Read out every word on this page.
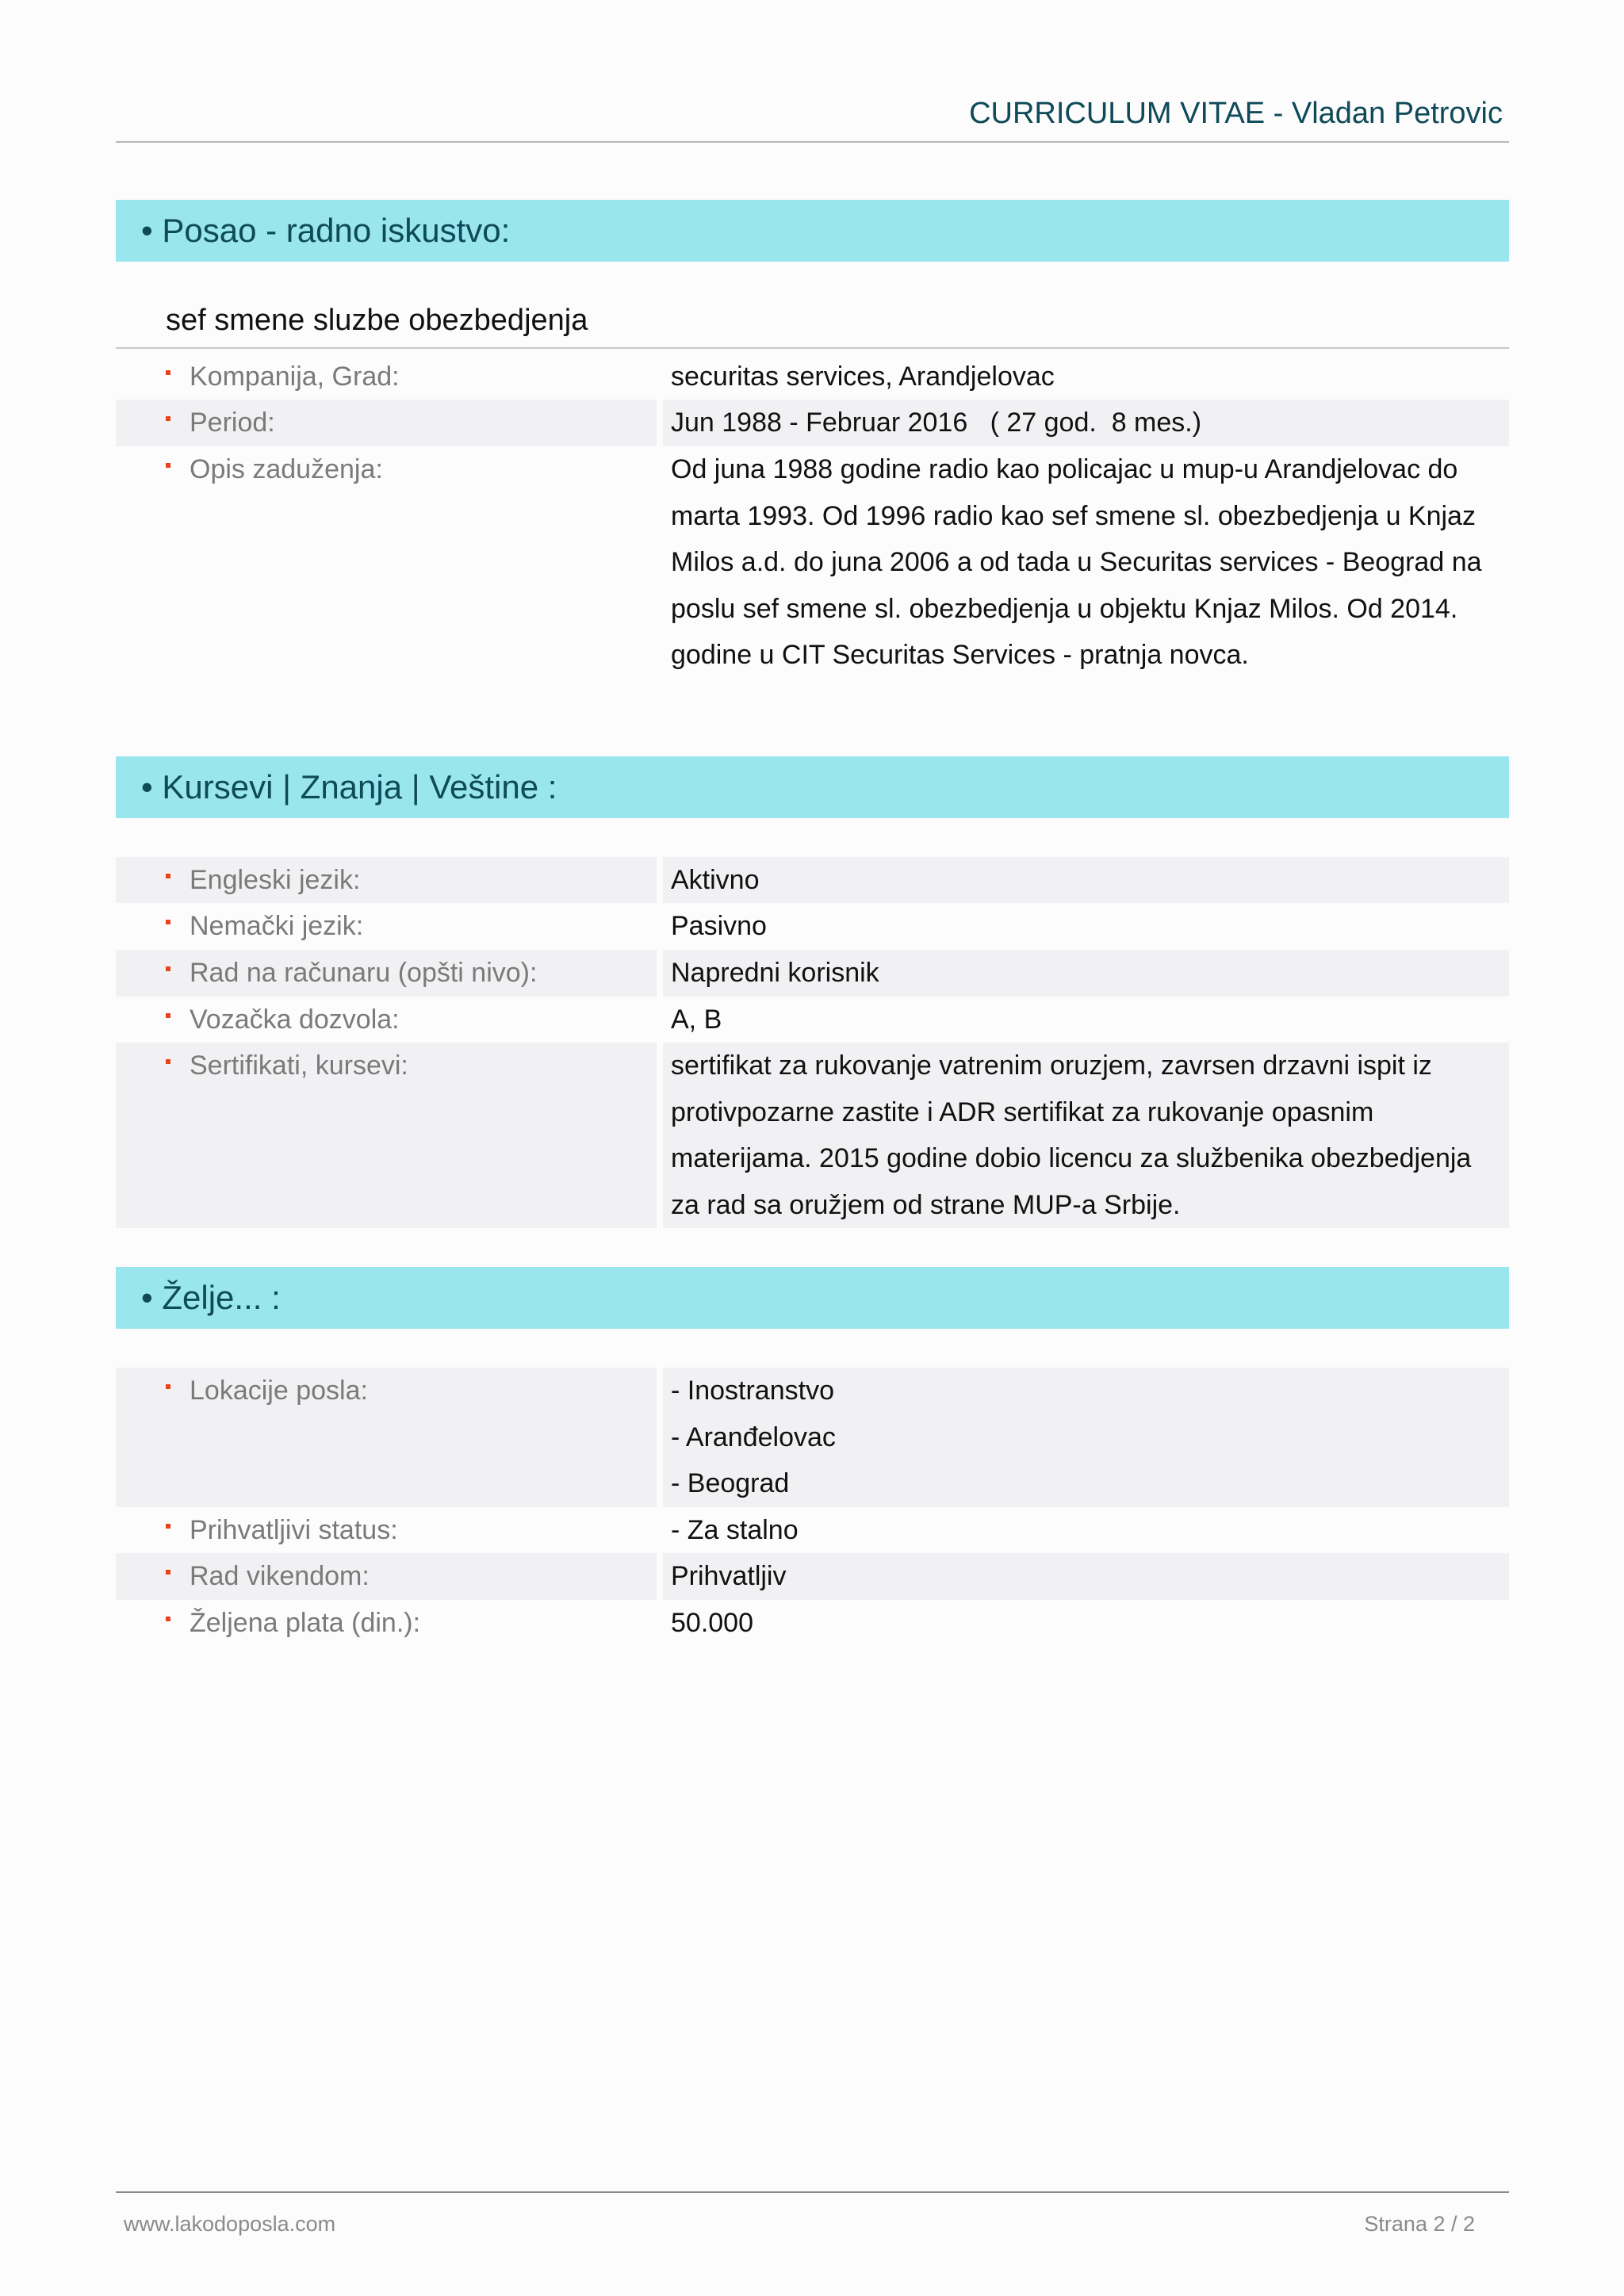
CURRICULUM VITAE - Vladan Petrovic
• Posao - radno iskustvo:
sef smene sluzbe obezbedjenja
Kompanija, Grad:	securitas services, Arandjelovac
Period:	Jun 1988 - Februar 2016   ( 27 god.  8 mes.)
Opis zaduženja:	Od juna 1988 godine radio kao policajac u mup-u Arandjelovac do
marta 1993. Od 1996 radio kao sef smene sl. obezbedjenja u Knjaz
Milos a.d. do juna 2006 a od tada u Securitas services - Beograd na
poslu sef smene sl. obezbedjenja u objektu Knjaz Milos. Od 2014.
godine u CIT Securitas Services - pratnja novca.
• Kursevi | Znanja | Veštine :
Engleski jezik:	Aktivno
Nemački jezik:	Pasivno
Rad na računaru (opšti nivo):	Napredni korisnik
Vozačka dozvola:	A, B
Sertifikati, kursevi:	sertifikat za rukovanje vatrenim oruzjem, zavrsen drzavni ispit iz
protivpozarne zastite i ADR sertifikat za rukovanje opasnim
materijama. 2015 godine dobio licencu za službenika obezbedjenja
za rad sa oružjem od strane MUP-a Srbije.
• Želje... :
Lokacije posla:	- Inostranstvo
- Aranđelovac
- Beograd
Prihvatljivi status:	- Za stalno
Rad vikendom:	Prihvatljiv
Željena plata (din.):	50.000
www.lakodoposla.com	Strana 2 / 2
